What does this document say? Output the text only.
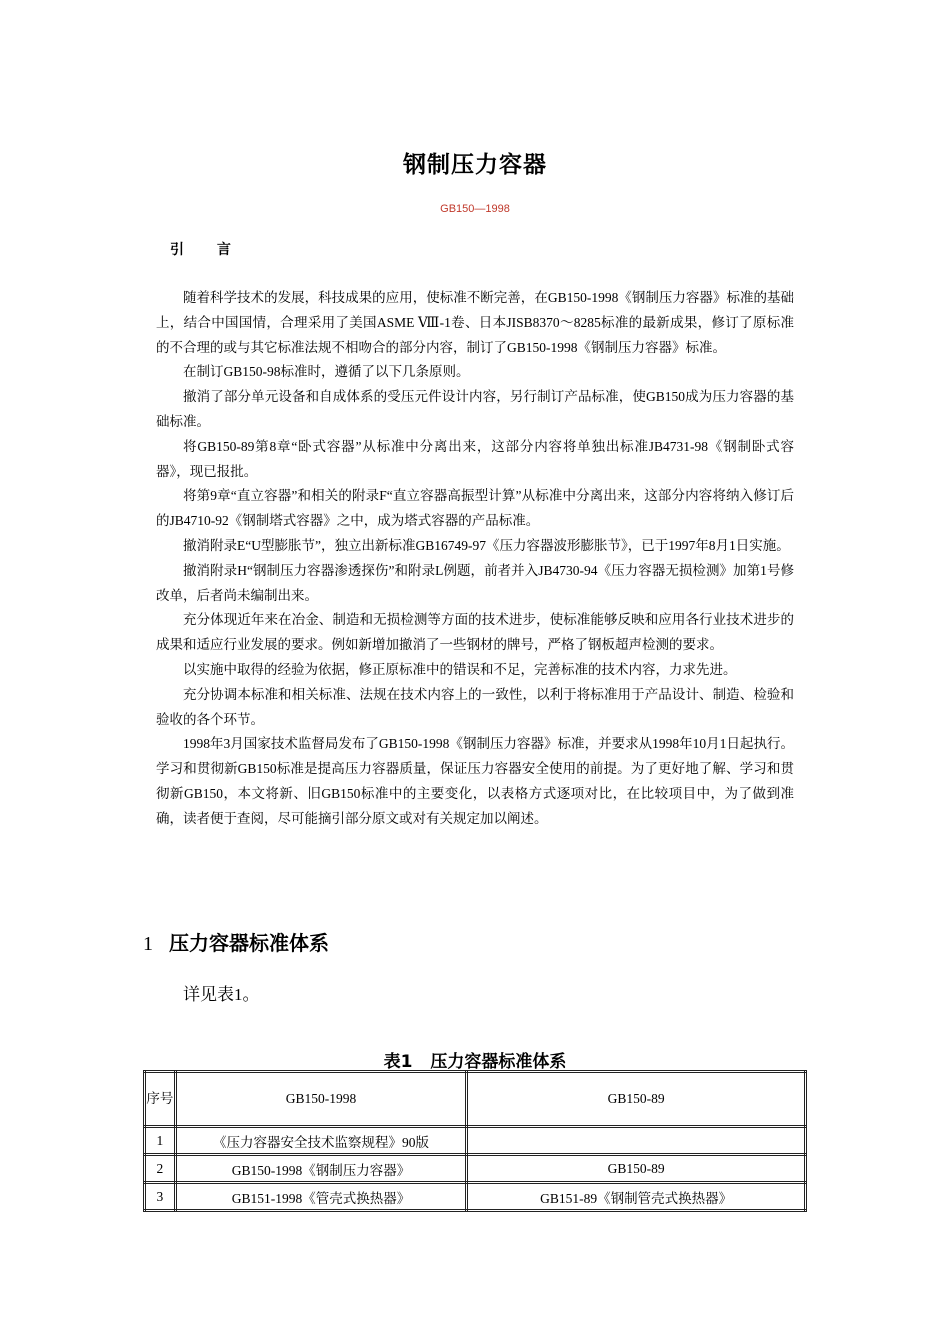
钢制压力容器
GB150—1998
引 言

随着科学技术的发展，科技成果的应用，使标准不断完善，在GB150-1998《钢制压力容器》标准的基础上，结合中国国情，合理采用了美国ASME Ⅷ-1卷、日本JISB8370～8285标准的最新成果，修订了原标准的不合理的或与其它标准法规不相吻合的部分内容，制订了GB150-1998《钢制压力容器》标准。

在制订GB150-98标准时，遵循了以下几条原则。

撤消了部分单元设备和自成体系的受压元件设计内容，另行制订产品标准，使GB150成为压力容器的基础标准。

将GB150-89第8章“卧式容器”从标准中分离出来，这部分内容将单独出标准JB4731-98《钢制卧式容器》，现已报批。

将第9章“直立容器”和相关的附录F“直立容器高振型计算”从标准中分离出来，这部分内容将纳入修订后的JB4710-92《钢制塔式容器》之中，成为塔式容器的产品标准。

撤消附录E“U型膨胀节”，独立出新标准GB16749-97《压力容器波形膨胀节》，已于1997年8月1日实施。

撤消附录H“钢制压力容器渗透探伤”和附录L例题，前者并入JB4730-94《压力容器无损检测》加第1号修改单，后者尚未编制出来。

充分体现近年来在冶金、制造和无损检测等方面的技术进步，使标准能够反映和应用各行业技术进步的成果和适应行业发展的要求。例如新增加撤消了一些钢材的牌号，严格了钢板超声检测的要求。

以实施中取得的经验为依据，修正原标准中的错误和不足，完善标准的技术内容，力求先进。

充分协调本标准和相关标准、法规在技术内容上的一致性，以利于将标准用于产品设计、制造、检验和验收的各个环节。

1998年3月国家技术监督局发布了GB150-1998《钢制压力容器》标准，并要求从1998年10月1日起执行。学习和贯彻新GB150标准是提高压力容器质量，保证压力容器安全使用的前提。为了更好地了解、学习和贯彻新GB150，本文将新、旧GB150标准中的主要变化，以表格方式逐项对比，在比较项目中，为了做到准确，读者便于查阅，尽可能摘引部分原文或对有关规定加以阐述。

1 压力容器标准体系
详见表1。
表1 压力容器标准体系
序号	GB150-1998	GB150-89
1	《压力容器安全技术监察规程》90版	
2	GB150-1998《钢制压力容器》	GB150-89
3	GB151-1998《管壳式换热器》	GB151-89《钢制管壳式换热器》
